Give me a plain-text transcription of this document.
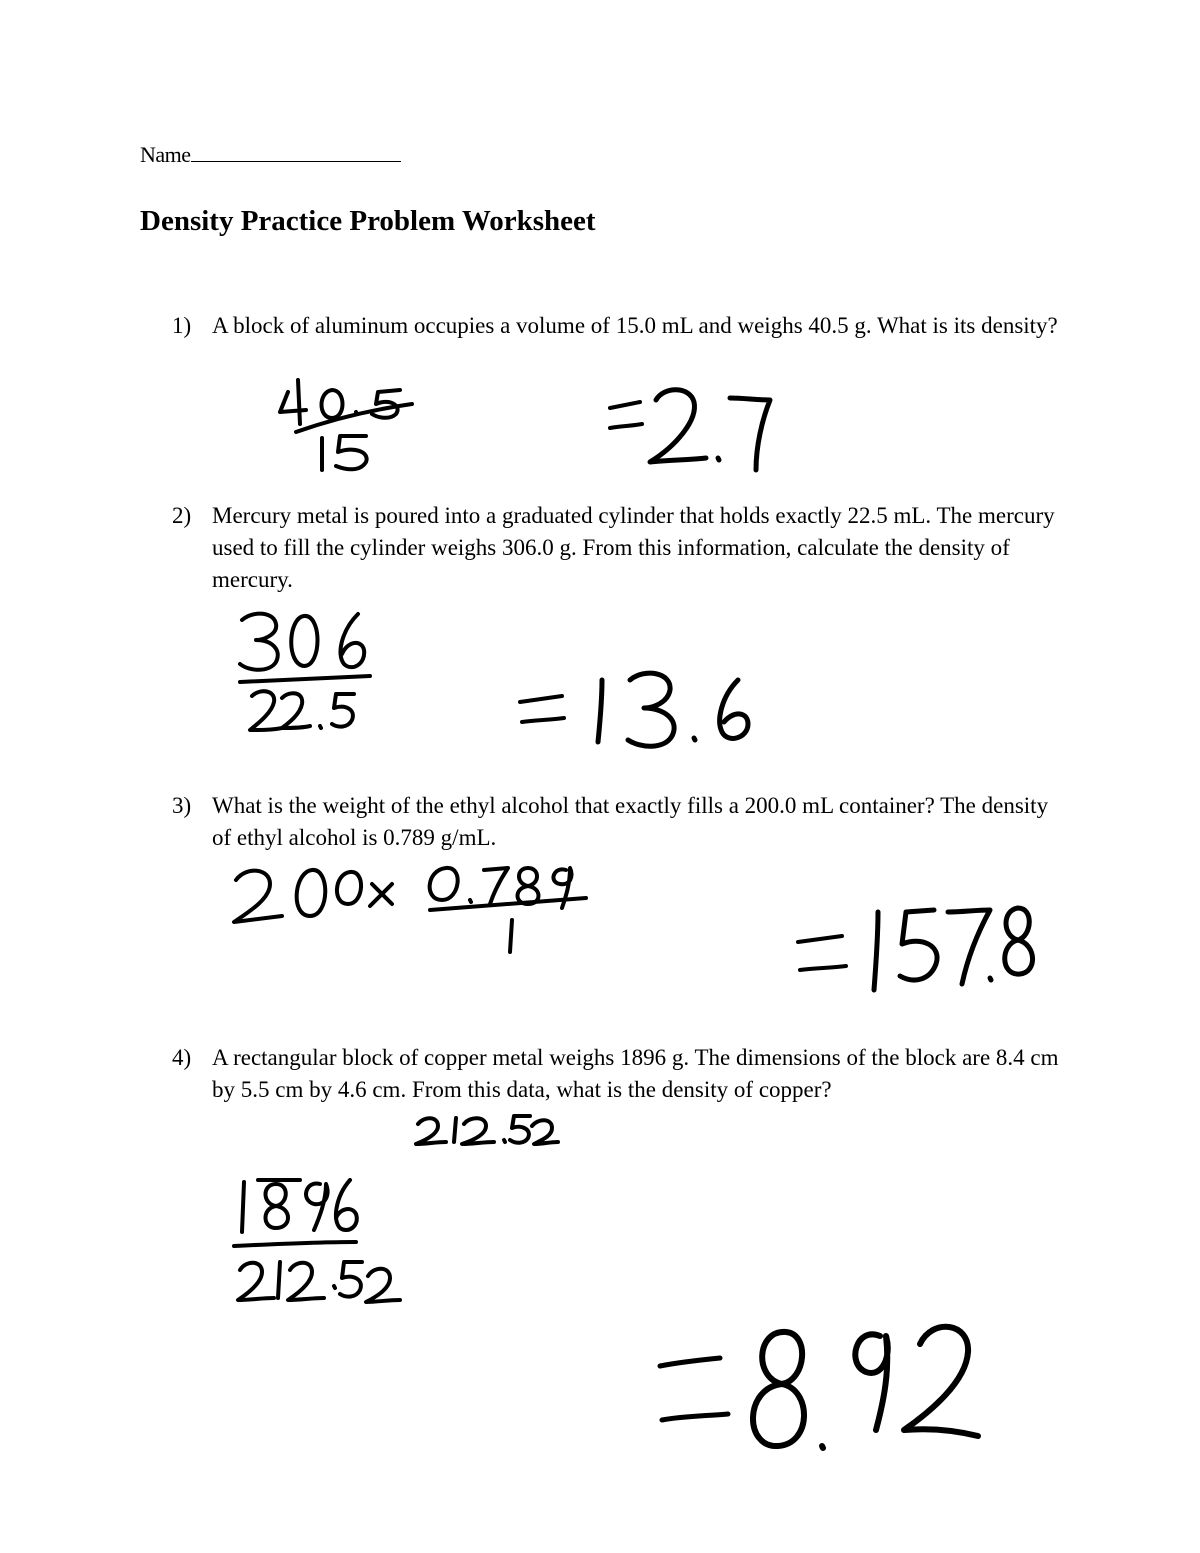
Name
Density Practice Problem Worksheet
1) A block of aluminum occupies a volume of 15.0 mL and weighs 40.5 g. What is its density?
2) Mercury metal is poured into a graduated cylinder that holds exactly 22.5 mL. The mercury used to fill the cylinder weighs 306.0 g. From this information, calculate the density of mercury.
3) What is the weight of the ethyl alcohol that exactly fills a 200.0 mL container? The density of ethyl alcohol is 0.789 g/mL.
4) A rectangular block of copper metal weighs 1896 g. The dimensions of the block are 8.4 cm by 5.5 cm by 4.6 cm. From this data, what is the density of copper?
